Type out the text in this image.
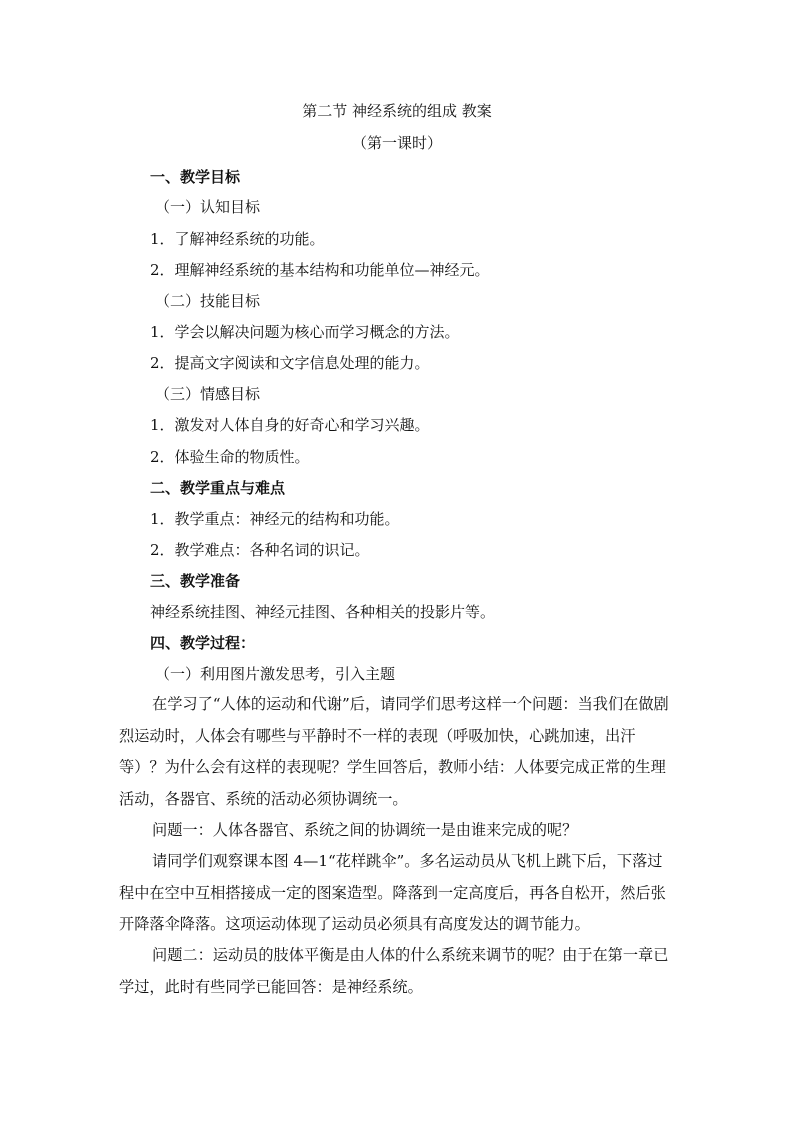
第二节 神经系统的组成 教案
（第一课时）
一、教学目标
（一）认知目标
1．了解神经系统的功能。
2．理解神经系统的基本结构和功能单位—神经元。
（二）技能目标
1．学会以解决问题为核心而学习概念的方法。
2．提高文字阅读和文字信息处理的能力。
（三）情感目标
1．激发对人体自身的好奇心和学习兴趣。
2．体验生命的物质性。
二、教学重点与难点
1．教学重点：神经元的结构和功能。
2．教学难点：各种名词的识记。
三、教学准备
神经系统挂图、神经元挂图、各种相关的投影片等。
四、教学过程：
（一）利用图片激发思考，引入主题
在学习了“人体的运动和代谢”后，请同学们思考这样一个问题：当我们在做剧烈运动时，人体会有哪些与平静时不一样的表现（呼吸加快，心跳加速，出汗等）？为什么会有这样的表现呢？学生回答后，教师小结：人体要完成正常的生理活动，各器官、系统的活动必须协调统一。
问题一：人体各器官、系统之间的协调统一是由谁来完成的呢？
请同学们观察课本图 4—1“花样跳伞”。多名运动员从飞机上跳下后，下落过程中在空中互相搭接成一定的图案造型。降落到一定高度后，再各自松开，然后张开降落伞降落。这项运动体现了运动员必须具有高度发达的调节能力。
问题二：运动员的肢体平衡是由人体的什么系统来调节的呢？由于在第一章已学过，此时有些同学已能回答：是神经系统。
